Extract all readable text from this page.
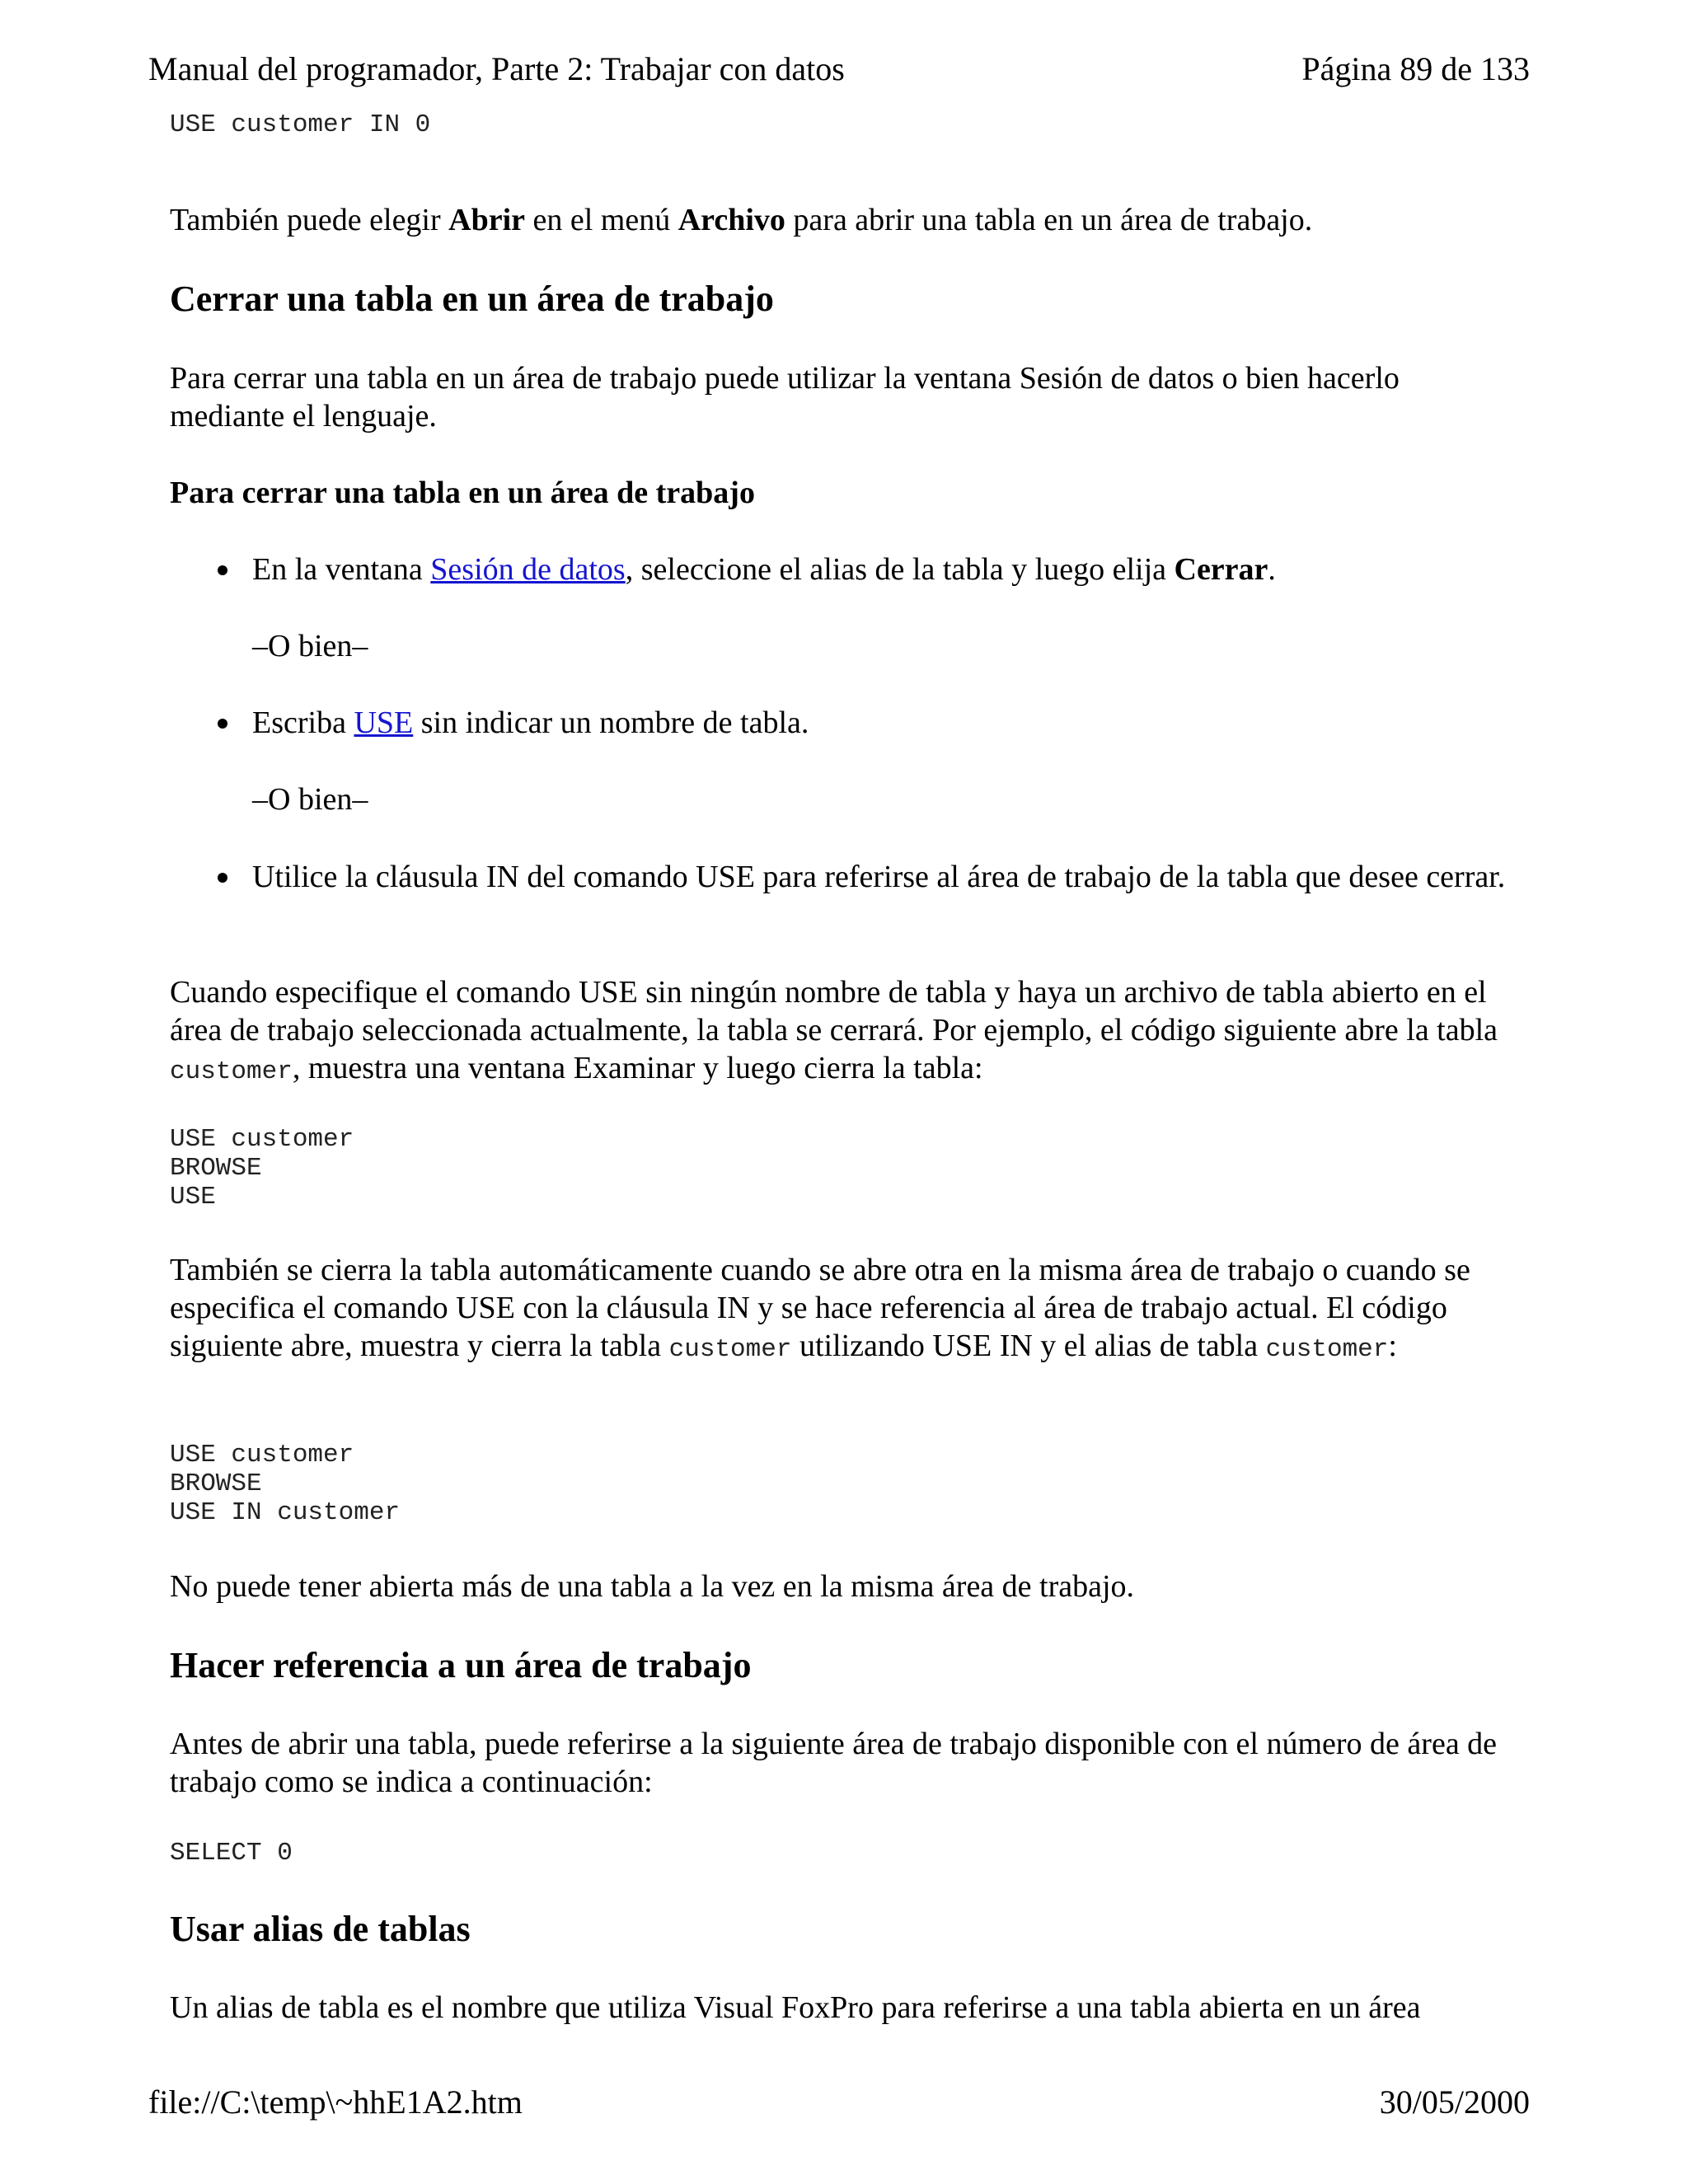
Manual del programador, Parte 2: Trabajar con datos	Página 89 de 133
USE customer IN 0

También puede elegir Abrir en el menú Archivo para abrir una tabla en un área de trabajo.

Cerrar una tabla en un área de trabajo

Para cerrar una tabla en un área de trabajo puede utilizar la ventana Sesión de datos o bien hacerlo mediante el lenguaje.

Para cerrar una tabla en un área de trabajo
En la ventana Sesión de datos, seleccione el alias de la tabla y luego elija Cerrar.
–O bien–
Escriba USE sin indicar un nombre de tabla.
–O bien–
Utilice la cláusula IN del comando USE para referirse al área de trabajo de la tabla que desee cerrar.

Cuando especifique el comando USE sin ningún nombre de tabla y haya un archivo de tabla abierto en el área de trabajo seleccionada actualmente, la tabla se cerrará. Por ejemplo, el código siguiente abre la tabla customer, muestra una ventana Examinar y luego cierra la tabla:

USE customer
BROWSE
USE

También se cierra la tabla automáticamente cuando se abre otra en la misma área de trabajo o cuando se especifica el comando USE con la cláusula IN y se hace referencia al área de trabajo actual. El código siguiente abre, muestra y cierra la tabla customer utilizando USE IN y el alias de tabla customer:

USE customer
BROWSE
USE IN customer

No puede tener abierta más de una tabla a la vez en la misma área de trabajo.

Hacer referencia a un área de trabajo

Antes de abrir una tabla, puede referirse a la siguiente área de trabajo disponible con el número de área de trabajo como se indica a continuación:

SELECT 0
Usar alias de tablas

Un alias de tabla es el nombre que utiliza Visual FoxPro para referirse a una tabla abierta en un área

file://C:\temp\~hhE1A2.htm	30/05/2000
